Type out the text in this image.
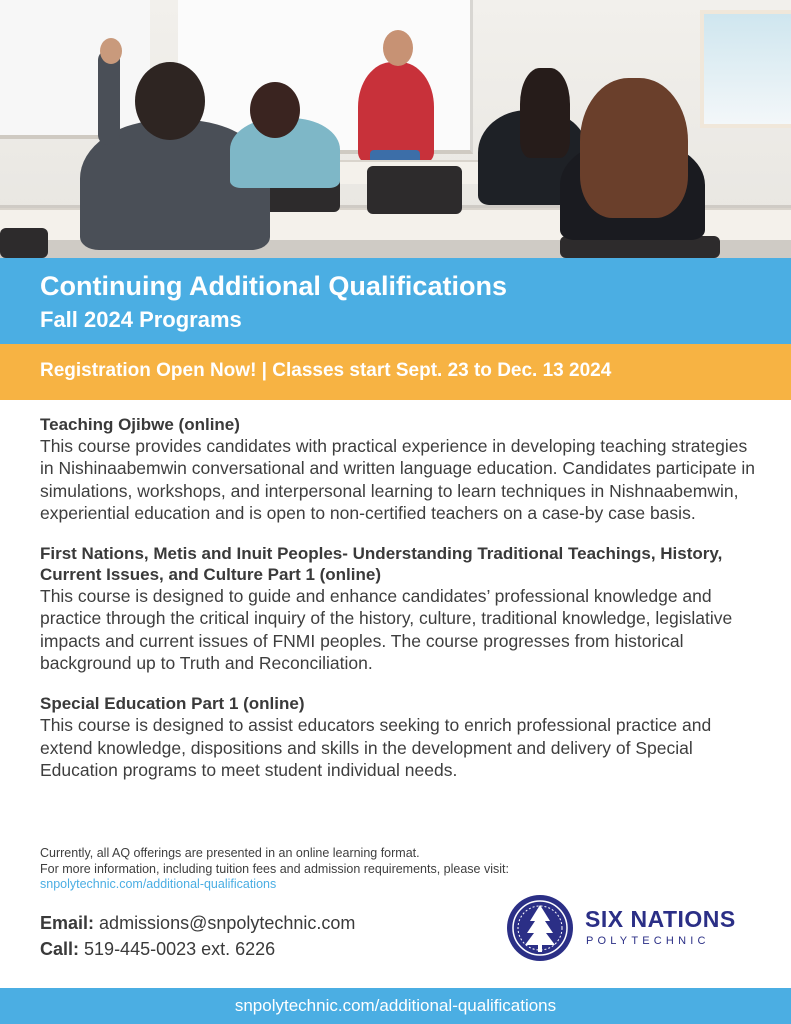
Continuing Additional Qualifications
Fall 2024 Programs
Registration Open Now! | Classes start Sept. 23 to Dec. 13 2024
Teaching Ojibwe (online)

This course provides candidates with practical experience in developing teaching strategies in Nishinaabemwin conversational and written language education. Candidates participate in simulations, workshops, and interpersonal learning to learn techniques in Nishnaabemwin, experiential education and is open to non-certified teachers on a case-by case basis.

First Nations, Metis and Inuit Peoples- Understanding Traditional Teachings, History, Current Issues, and Culture Part 1 (online)

This course is designed to guide and enhance candidates’ professional knowledge and practice through the critical inquiry of the history, culture, traditional knowledge, legislative impacts and current issues of FNMI peoples. The course progresses from historical background up to Truth and Reconciliation.

Special Education Part 1 (online)

This course is designed to assist educators seeking to enrich professional practice and extend knowledge, dispositions and skills in the development and delivery of Special Education programs to meet student individual needs.

Currently, all AQ offerings are presented in an online learning format.
For more information, including tuition fees and admission requirements, please visit:
snpolytechnic.com/additional-qualifications
Email: admissions@snpolytechnic.com
Call: 519-445-0023 ext. 6226
SIX NATIONS
POLYTECHNIC
snpolytechnic.com/additional-qualifications
